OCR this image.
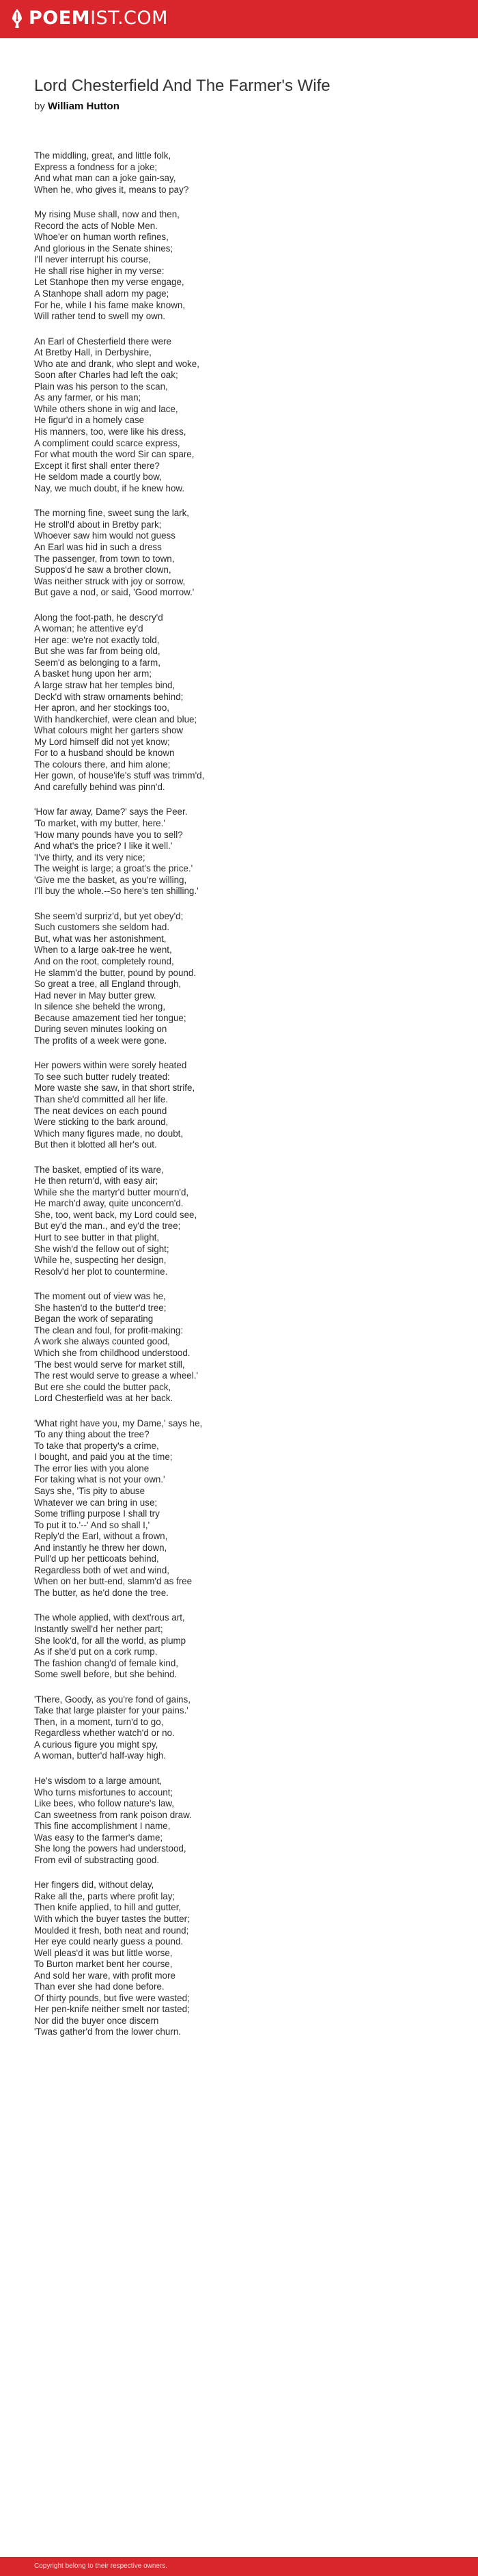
POEMIST.COM
Lord Chesterfield And The Farmer's Wife
by William Hutton
The middling, great, and little folk,
Express a fondness for a joke;
And what man can a joke gain-say,
When he, who gives it, means to pay?
My rising Muse shall, now and then,
Record the acts of Noble Men.
Whoe'er on human worth refines,
And glorious in the Senate shines;
I'll never interrupt his course,
He shall rise higher in my verse:
Let Stanhope then my verse engage,
A Stanhope shall adorn my page;
For he, while I his fame make known,
Will rather tend to swell my own.
An Earl of Chesterfield there were
At Bretby Hall, in Derbyshire,
Who ate and drank, who slept and woke,
Soon after Charles had left the oak;
Plain was his person to the scan,
As any farmer, or his man;
While others shone in wig and lace,
He figur'd in a homely case
His manners, too, were like his dress,
A compliment could scarce express,
For what mouth the word Sir can spare,
Except it first shall enter there?
He seldom made a courtly bow,
Nay, we much doubt, if he knew how.
The morning fine, sweet sung the lark,
He stroll'd about in Bretby park;
Whoever saw him would not guess
An Earl was hid in such a dress
The passenger, from town to town,
Suppos'd he saw a brother clown,
Was neither struck with joy or sorrow,
But gave a nod, or said, 'Good morrow.'
Along the foot-path, he descry'd
A woman; he attentive ey'd
Her age: we're not exactly told,
But she was far from being old,
Seem'd as belonging to a farm,
A basket hung upon her arm;
A large straw hat her temples bind,
Deck'd with straw ornaments behind;
Her apron, and her stockings too,
With handkerchief, were clean and blue;
What colours might her garters show
My Lord himself did not yet know;
For to a husband should be known
The colours there, and him alone;
Her gown, of house'ife's stuff was trimm'd,
And carefully behind was pinn'd.
'How far away, Dame?' says the Peer.
'To market, with my butter, here.'
'How many pounds have you to sell?
And what's the price? I like it well.'
'I've thirty, and its very nice;
The weight is large; a groat's the price.'
'Give me the basket, as you're willing,
I'll buy the whole.--So here's ten shilling.'
She seem'd surpriz'd, but yet obey'd;
Such customers she seldom had.
But, what was her astonishment,
When to a large oak-tree he went,
And on the root, completely round,
He slamm'd the butter, pound by pound.
So great a tree, all England through,
Had never in May butter grew.
In silence she beheld the wrong,
Because amazement tied her tongue;
During seven minutes looking on
The profits of a week were gone.
Her powers within were sorely heated
To see such butter rudely treated:
More waste she saw, in that short strife,
Than she'd committed all her life.
The neat devices on each pound
Were sticking to the bark around,
Which many figures made, no doubt,
But then it blotted all her's out.
The basket, emptied of its ware,
He then return'd, with easy air;
While she the martyr'd butter mourn'd,
He march'd away, quite unconcern'd.
She, too, went back, my Lord could see,
But ey'd the man., and ey'd the tree;
Hurt to see butter in that plight,
She wish'd the fellow out of sight;
While he, suspecting her design,
Resolv'd her plot to countermine.
The moment out of view was he,
She hasten'd to the butter'd tree;
Began the work of separating
The clean and foul, for profit-making:
A work she always counted good,
Which she from childhood understood.
'The best would serve for market still,
The rest would serve to grease a wheel.'
But ere she could the butter pack,
Lord Chesterfield was at her back.
'What right have you, my Dame,' says he,
'To any thing about the tree?
To take that property's a crime,
I bought, and paid you at the time;
The error lies with you alone
For taking what is not your own.'
Says she, 'Tis pity to abuse
Whatever we can bring in use;
Some trifling purpose I shall try
To put it to.'--' And so shall I,'
Reply'd the Earl, without a frown,
And instantly he threw her down,
Pull'd up her petticoats behind,
Regardless both of wet and wind,
When on her butt-end, slamm'd as free
The butter, as he'd done the tree.
The whole applied, with dext'rous art,
Instantly swell'd her nether part;
She look'd, for all the world, as plump
As if she'd put on a cork rump.
The fashion chang'd of female kind,
Some swell before, but she behind.
'There, Goody, as you're fond of gains,
Take that large plaister for your pains.'
Then, in a moment, turn'd to go,
Regardless whether watch'd or no.
A curious figure you might spy,
A woman, butter'd half-way high.
He's wisdom to a large amount,
Who turns misfortunes to account;
Like bees, who follow nature's law,
Can sweetness from rank poison draw.
This fine accomplishment I name,
Was easy to the farmer's dame;
She long the powers had understood,
From evil of substracting good.
Her fingers did, without delay,
Rake all the, parts where profit lay;
Then knife applied, to hill and gutter,
With which the buyer tastes the butter;
Moulded it fresh, both neat and round;
Her eye could nearly guess a pound.
Well pleas'd it was but little worse,
To Burton market bent her course,
And sold her ware, with profit more
Than ever she had done before.
Of thirty pounds, but five were wasted;
Her pen-knife neither smelt nor tasted;
Nor did the buyer once discern
'Twas gather'd from the lower churn.
Copyright belong to their respective owners.
